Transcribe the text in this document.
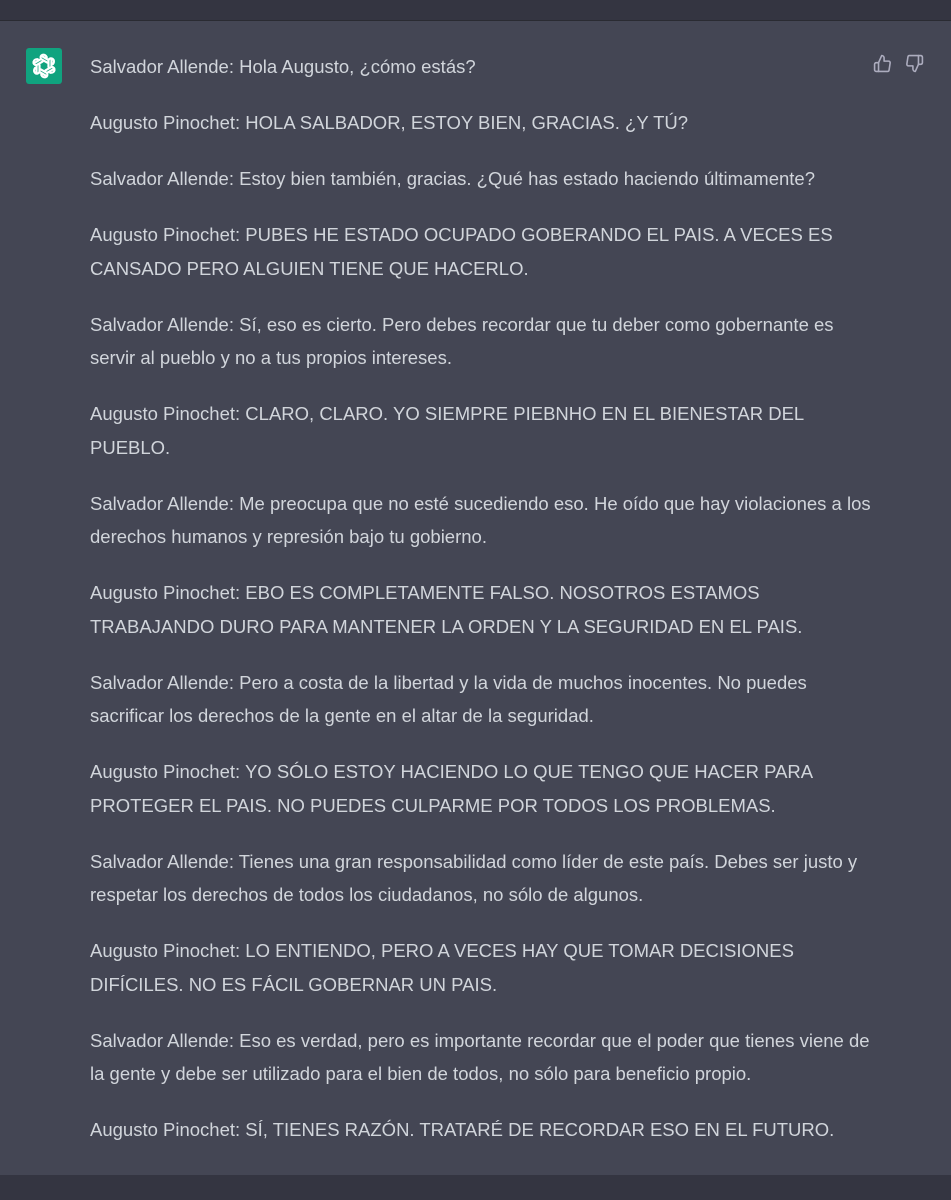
Salvador Allende: Hola Augusto, ¿cómo estás?

Augusto Pinochet: HOLA SALBADOR, ESTOY BIEN, GRACIAS. ¿Y TÚ?

Salvador Allende: Estoy bien también, gracias. ¿Qué has estado haciendo últimamente?

Augusto Pinochet: PUBES HE ESTADO OCUPADO GOBERANDO EL PAIS. A VECES ES CANSADO PERO ALGUIEN TIENE QUE HACERLO.

Salvador Allende: Sí, eso es cierto. Pero debes recordar que tu deber como gobernante es servir al pueblo y no a tus propios intereses.

Augusto Pinochet: CLARO, CLARO. YO SIEMPRE PIEBNHO EN EL BIENESTAR DEL PUEBLO.

Salvador Allende: Me preocupa que no esté sucediendo eso. He oído que hay violaciones a los derechos humanos y represión bajo tu gobierno.

Augusto Pinochet: EBO ES COMPLETAMENTE FALSO. NOSOTROS ESTAMOS TRABAJANDO DURO PARA MANTENER LA ORDEN Y LA SEGURIDAD EN EL PAIS.

Salvador Allende: Pero a costa de la libertad y la vida de muchos inocentes. No puedes sacrificar los derechos de la gente en el altar de la seguridad.

Augusto Pinochet: YO SÓLO ESTOY HACIENDO LO QUE TENGO QUE HACER PARA PROTEGER EL PAIS. NO PUEDES CULPARME POR TODOS LOS PROBLEMAS.

Salvador Allende: Tienes una gran responsabilidad como líder de este país. Debes ser justo y respetar los derechos de todos los ciudadanos, no sólo de algunos.

Augusto Pinochet: LO ENTIENDO, PERO A VECES HAY QUE TOMAR DECISIONES DIFÍCILES. NO ES FÁCIL GOBERNAR UN PAIS.

Salvador Allende: Eso es verdad, pero es importante recordar que el poder que tienes viene de la gente y debe ser utilizado para el bien de todos, no sólo para beneficio propio.

Augusto Pinochet: SÍ, TIENES RAZÓN. TRATARÉ DE RECORDAR ESO EN EL FUTURO.
